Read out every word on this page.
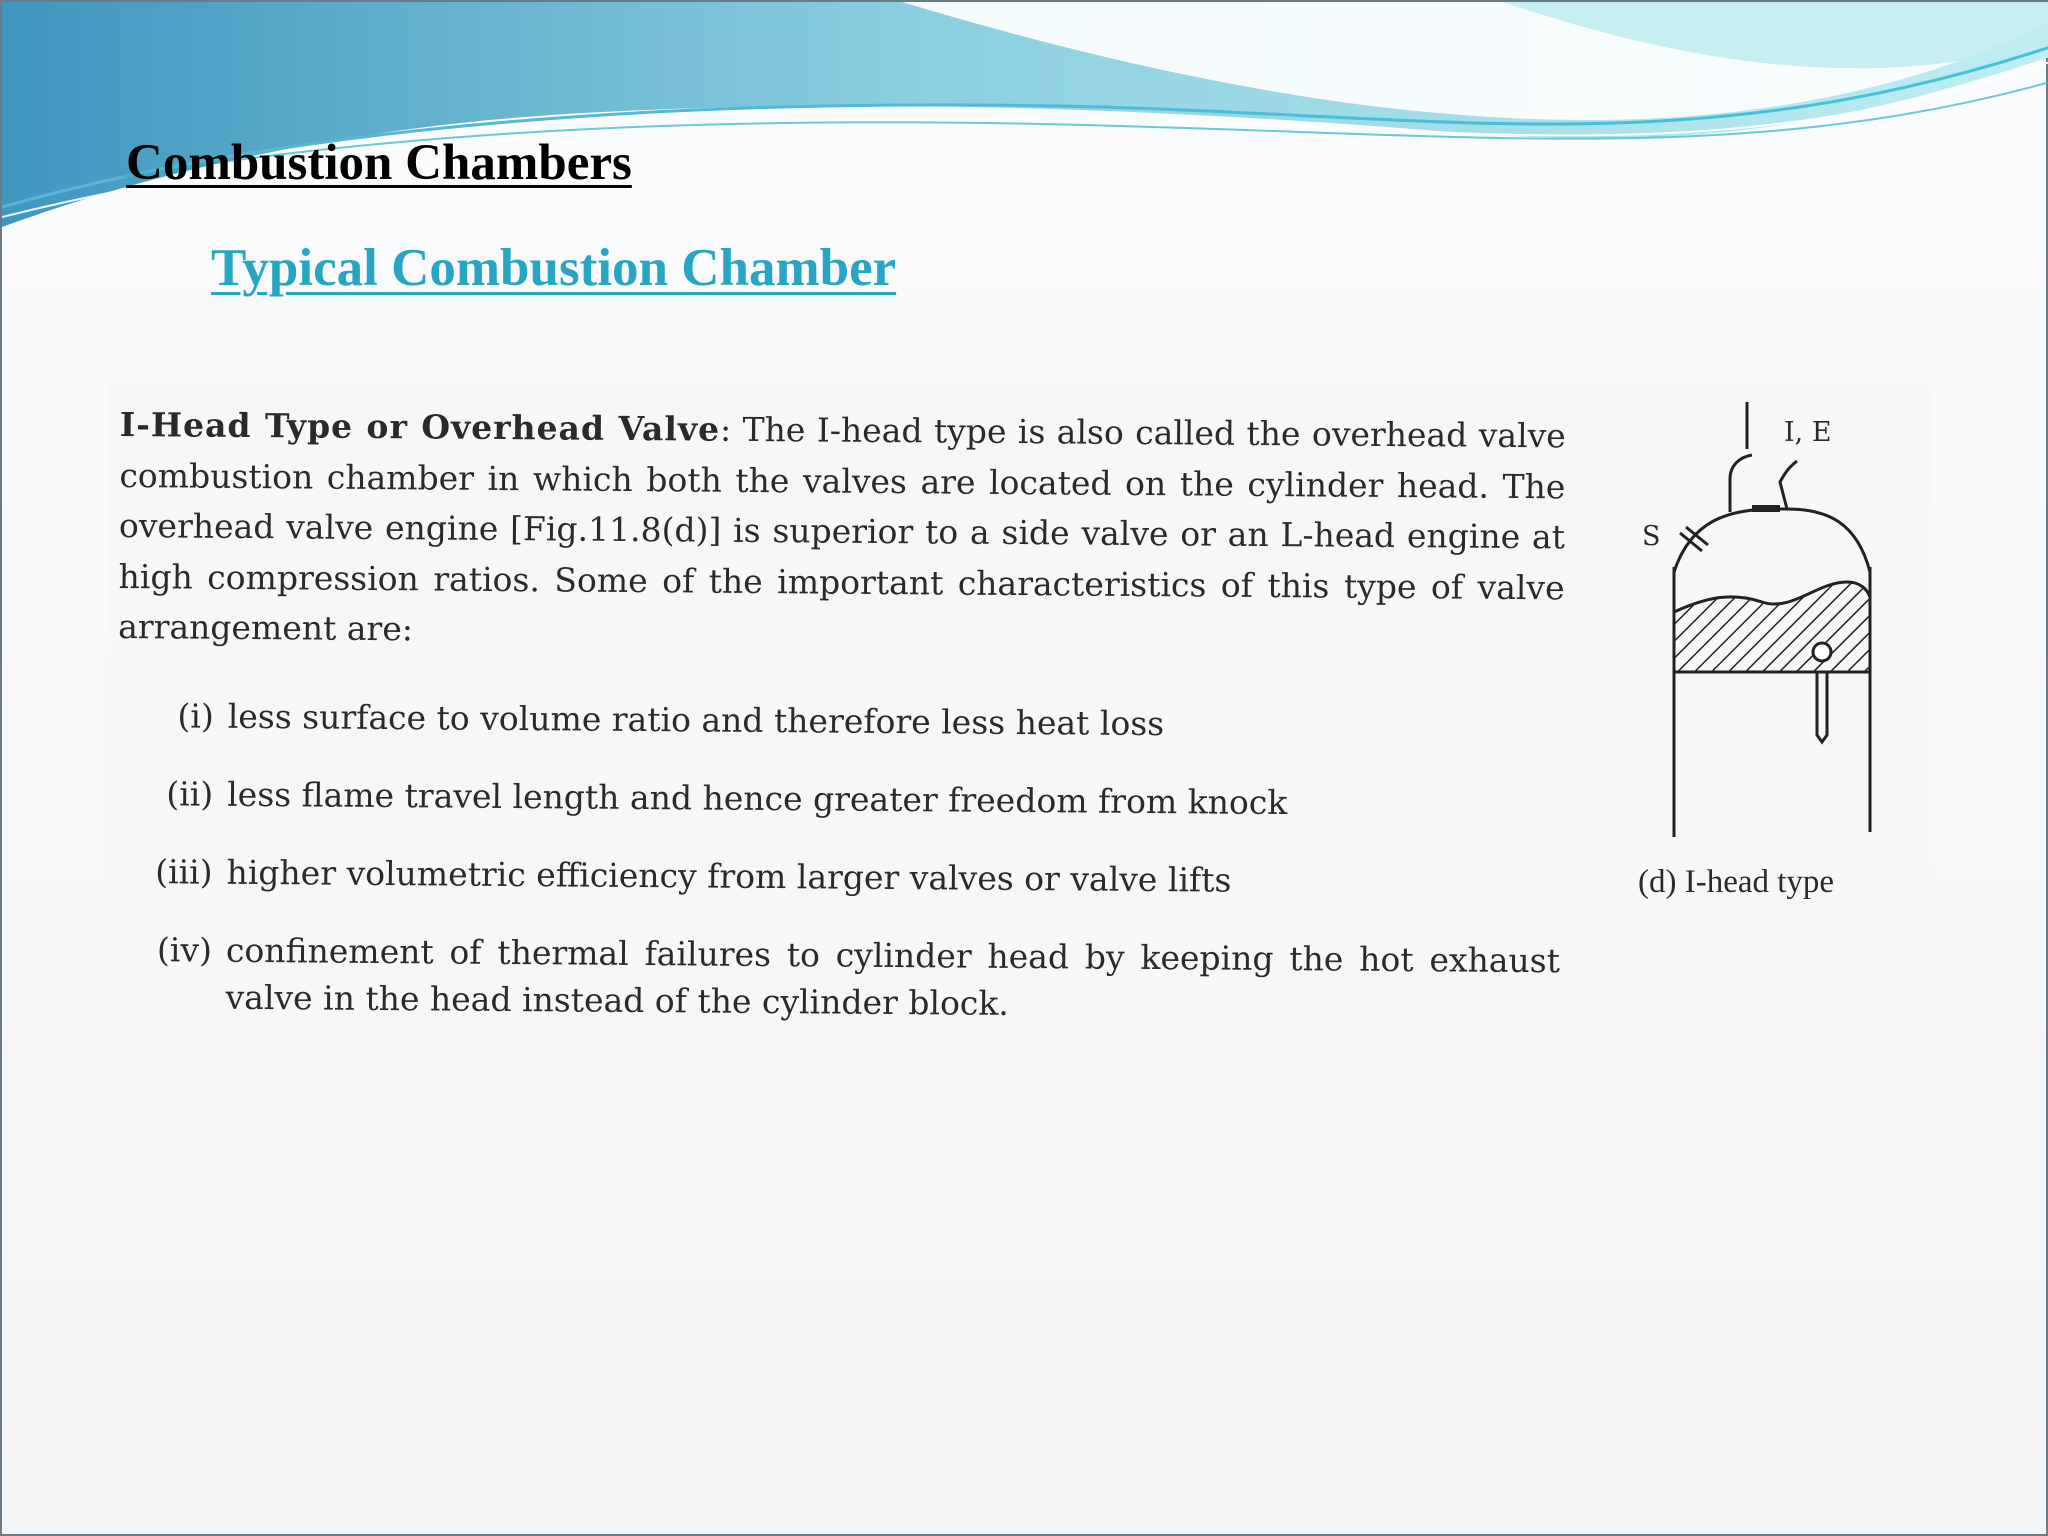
Combustion Chambers
Typical Combustion Chamber

I-Head Type or Overhead Valve: The I-head type is also called the overhead valve combustion chamber in which both the valves are located on the cylinder head. The overhead valve engine [Fig.11.8(d)] is superior to a side valve or an L-head engine at high compression ratios. Some of the important characteristics of this type of valve arrangement are:

(i) less surface to volume ratio and therefore less heat loss
(ii) less flame travel length and hence greater freedom from knock
(iii) higher volumetric efficiency from larger valves or valve lifts
(iv) confinement of thermal failures to cylinder head by keeping the hot exhaust valve in the head instead of the cylinder block.
I, E
S

(d) I-head type
